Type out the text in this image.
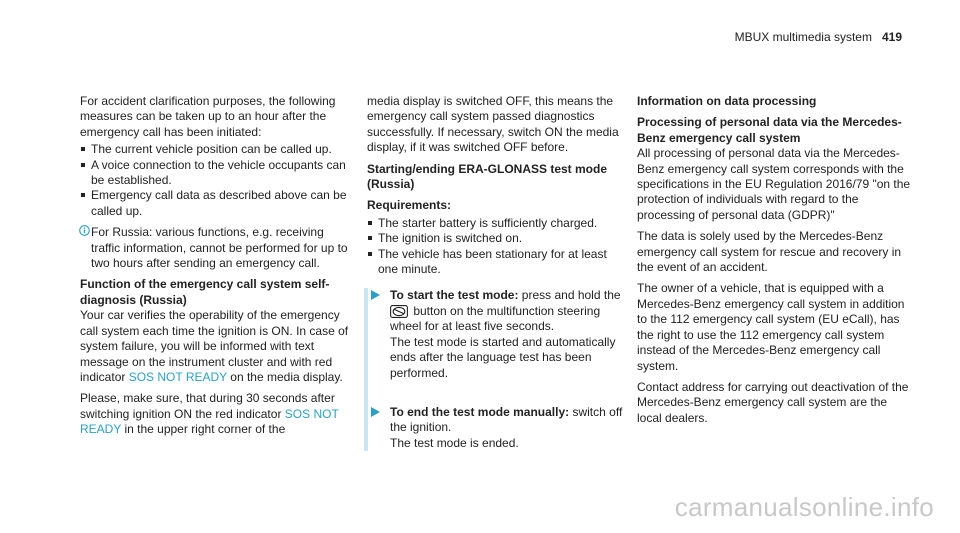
MBUX multimedia system 419

For accident clarification purposes, the following measures can be taken up to an hour after the emergency call has been initiated:

The current vehicle position can be called up.
A voice connection to the vehicle occupants can be established.
Emergency call data as described above can be called up.
For Russia: various functions, e.g. receiving traffic information, cannot be performed for up to two hours after sending an emergency call.

Function of the emergency call system self-diagnosis (Russia)

Your car verifies the operability of the emergency call system each time the ignition is ON. In case of system failure, you will be informed with text message on the instrument cluster and with red indicator SOS NOT READY on the media display.

Please, make sure, that during 30 seconds after switching ignition ON the red indicator SOS NOT READY in the upper right corner of the

media display is switched OFF, this means the emergency call system passed diagnostics successfully. If necessary, switch ON the media display, if it was switched OFF before.

Starting/ending ERA-GLONASS test mode (Russia)

Requirements:

The starter battery is sufficiently charged.
The ignition is switched on.
The vehicle has been stationary for at least one minute.
To start the test mode: press and hold the
button on the multifunction steering wheel for at least five seconds.
The test mode is started and automatically ends after the language test has been performed.
To end the test mode manually: switch off the ignition.
The test mode is ended.

Information on data processing

Processing of personal data via the Mercedes-Benz emergency call system

All processing of personal data via the Mercedes-Benz emergency call system corresponds with the specifications in the EU Regulation 2016/79 "on the protection of individuals with regard to the processing of personal data (GDPR)"

The data is solely used by the Mercedes-Benz emergency call system for rescue and recovery in the event of an accident.

The owner of a vehicle, that is equipped with a Mercedes-Benz emergency call system in addition to the 112 emergency call system (EU eCall), has the right to use the 112 emergency call system instead of the Mercedes-Benz emergency call system.

Contact address for carrying out deactivation of the Mercedes-Benz emergency call system are the local dealers.

carmanualsonline.info
